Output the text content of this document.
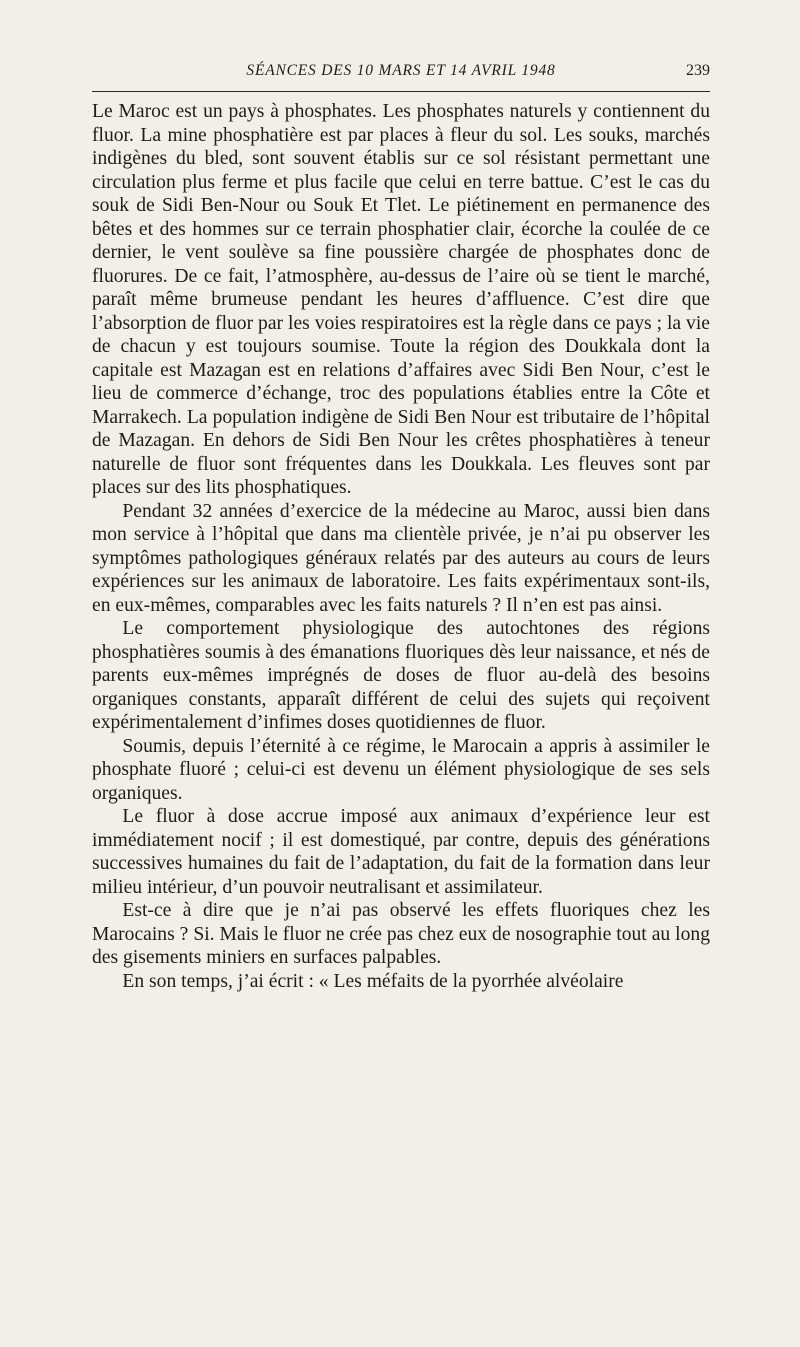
SÉANCES DES 10 MARS ET 14 AVRIL 1948	239

Le Maroc est un pays à phosphates. Les phosphates naturels y contiennent du fluor. La mine phosphatière est par places à fleur du sol. Les souks, marchés indigènes du bled, sont souvent établis sur ce sol résistant permettant une circulation plus ferme et plus facile que celui en terre battue. C’est le cas du souk de Sidi Ben-Nour ou Souk Et Tlet. Le piétinement en permanence des bêtes et des hommes sur ce terrain phosphatier clair, écorche la coulée de ce dernier, le vent soulève sa fine poussière chargée de phosphates donc de fluorures. De ce fait, l’atmosphère, au-dessus de l’aire où se tient le marché, paraît même brumeuse pendant les heures d’affluence. C’est dire que l’absorption de fluor par les voies respiratoires est la règle dans ce pays ; la vie de chacun y est toujours soumise. Toute la région des Doukkala dont la capitale est Mazagan est en relations d’affaires avec Sidi Ben Nour, c’est le lieu de commerce d’échange, troc des populations établies entre la Côte et Marrakech. La population indigène de Sidi Ben Nour est tributaire de l’hôpital de Mazagan. En dehors de Sidi Ben Nour les crêtes phosphatières à teneur naturelle de fluor sont fréquentes dans les Doukkala. Les fleuves sont par places sur des lits phosphatiques.

Pendant 32 années d’exercice de la médecine au Maroc, aussi bien dans mon service à l’hôpital que dans ma clientèle privée, je n’ai pu observer les symptômes pathologiques généraux relatés par des auteurs au cours de leurs expériences sur les animaux de laboratoire. Les faits expérimentaux sont-ils, en eux-mêmes, comparables avec les faits naturels ? Il n’en est pas ainsi.

Le comportement physiologique des autochtones des régions phosphatières soumis à des émanations fluoriques dès leur naissance, et nés de parents eux-mêmes imprégnés de doses de fluor au-delà des besoins organiques constants, apparaît différent de celui des sujets qui reçoivent expérimentalement d’infimes doses quotidiennes de fluor.

Soumis, depuis l’éternité à ce régime, le Marocain a appris à assimiler le phosphate fluoré ; celui-ci est devenu un élément physiologique de ses sels organiques.

Le fluor à dose accrue imposé aux animaux d’expérience leur est immédiatement nocif ; il est domestiqué, par contre, depuis des générations successives humaines du fait de l’adaptation, du fait de la formation dans leur milieu intérieur, d’un pouvoir neutralisant et assimilateur.

Est-ce à dire que je n’ai pas observé les effets fluoriques chez les Marocains ? Si. Mais le fluor ne crée pas chez eux de nosographie tout au long des gisements miniers en surfaces palpables.

En son temps, j’ai écrit : « Les méfaits de la pyorrhée alvéolaire
